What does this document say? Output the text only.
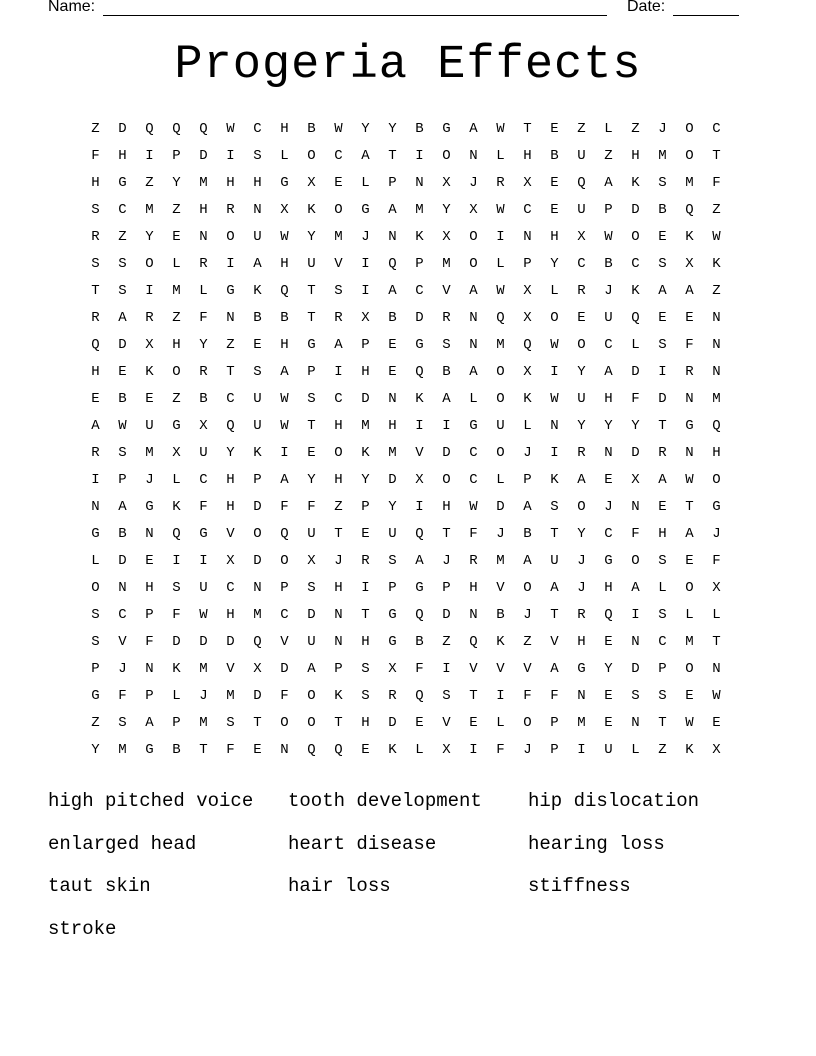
Name:	Date:
Progeria Effects
Z	D	Q	Q	Q	W	C	H	B	W	Y	Y	B	G	A	W	T	E	Z	L	Z	J	O	C
F	H	I	P	D	I	S	L	O	C	A	T	I	O	N	L	H	B	U	Z	H	M	O	T
H	G	Z	Y	M	H	H	G	X	E	L	P	N	X	J	R	X	E	Q	A	K	S	M	F
S	C	M	Z	H	R	N	X	K	O	G	A	M	Y	X	W	C	E	U	P	D	B	Q	Z
R	Z	Y	E	N	O	U	W	Y	M	J	N	K	X	O	I	N	H	X	W	O	E	K	W
S	S	O	L	R	I	A	H	U	V	I	Q	P	M	O	L	P	Y	C	B	C	S	X	K
T	S	I	M	L	G	K	Q	T	S	I	A	C	V	A	W	X	L	R	J	K	A	A	Z
R	A	R	Z	F	N	B	B	T	R	X	B	D	R	N	Q	X	O	E	U	Q	E	E	N
Q	D	X	H	Y	Z	E	H	G	A	P	E	G	S	N	M	Q	W	O	C	L	S	F	N
H	E	K	O	R	T	S	A	P	I	H	E	Q	B	A	O	X	I	Y	A	D	I	R	N
E	B	E	Z	B	C	U	W	S	C	D	N	K	A	L	O	K	W	U	H	F	D	N	M
A	W	U	G	X	Q	U	W	T	H	M	H	I	I	G	U	L	N	Y	Y	Y	T	G	Q
R	S	M	X	U	Y	K	I	E	O	K	M	V	D	C	O	J	I	R	N	D	R	N	H
I	P	J	L	C	H	P	A	Y	H	Y	D	X	O	C	L	P	K	A	E	X	A	W	O
N	A	G	K	F	H	D	F	F	Z	P	Y	I	H	W	D	A	S	O	J	N	E	T	G
G	B	N	Q	G	V	O	Q	U	T	E	U	Q	T	F	J	B	T	Y	C	F	H	A	J
L	D	E	I	I	X	D	O	X	J	R	S	A	J	R	M	A	U	J	G	O	S	E	F
O	N	H	S	U	C	N	P	S	H	I	P	G	P	H	V	O	A	J	H	A	L	O	X
S	C	P	F	W	H	M	C	D	N	T	G	Q	D	N	B	J	T	R	Q	I	S	L	L
S	V	F	D	D	D	Q	V	U	N	H	G	B	Z	Q	K	Z	V	H	E	N	C	M	T
P	J	N	K	M	V	X	D	A	P	S	X	F	I	V	V	V	A	G	Y	D	P	O	N
G	F	P	L	J	M	D	F	O	K	S	R	Q	S	T	I	F	F	N	E	S	S	E	W
Z	S	A	P	M	S	T	O	O	T	H	D	E	V	E	L	O	P	M	E	N	T	W	E
Y	M	G	B	T	F	E	N	Q	Q	E	K	L	X	I	F	J	P	I	U	L	Z	K	X
high pitched voice	tooth development	hip dislocation
enlarged head	heart disease	hearing loss
taut skin	hair loss	stiffness
stroke
